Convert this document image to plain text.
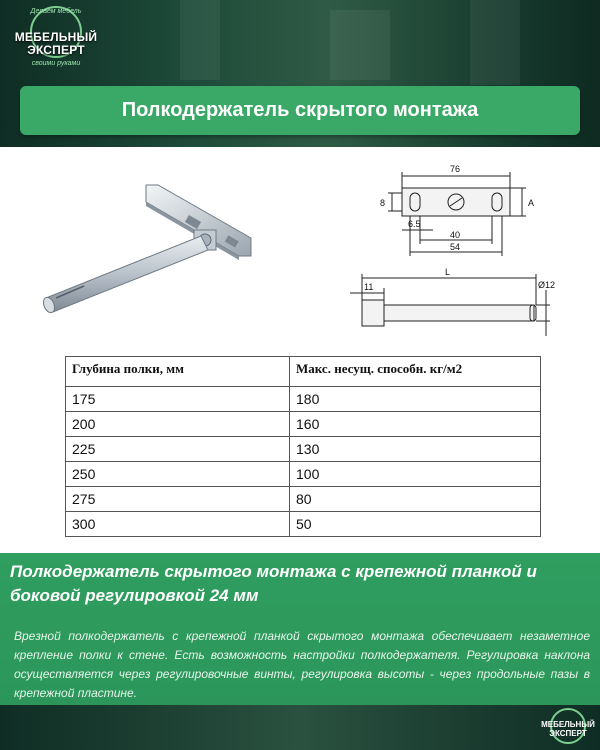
Делаем мебель
МЕБЕЛЬНЫЙ
ЭКСПЕРТ
своими руками
Полкодержатель скрытого монтажа
76
8	A
6.5
40
54
L
11	Ø12
Глубина полки, мм	Макс. несущ. способн. кг/м2
175	180
200	160
225	130
250	100
275	80
300	50
Полкодержатель скрытого монтажа с крепежной планкой и боковой регулировкой 24 мм
Врезной полкодержатель с крепежной планкой скрытого монтажа обеспечивает незаметное крепление полки к стене. Есть возможность настройки полкодержателя. Регулировка наклона осуществляется через регулировочные винты, регулировка высоты - через продольные пазы в крепежной пластине.
МЕБЕЛЬНЫЙ
ЭКСПЕРТ
